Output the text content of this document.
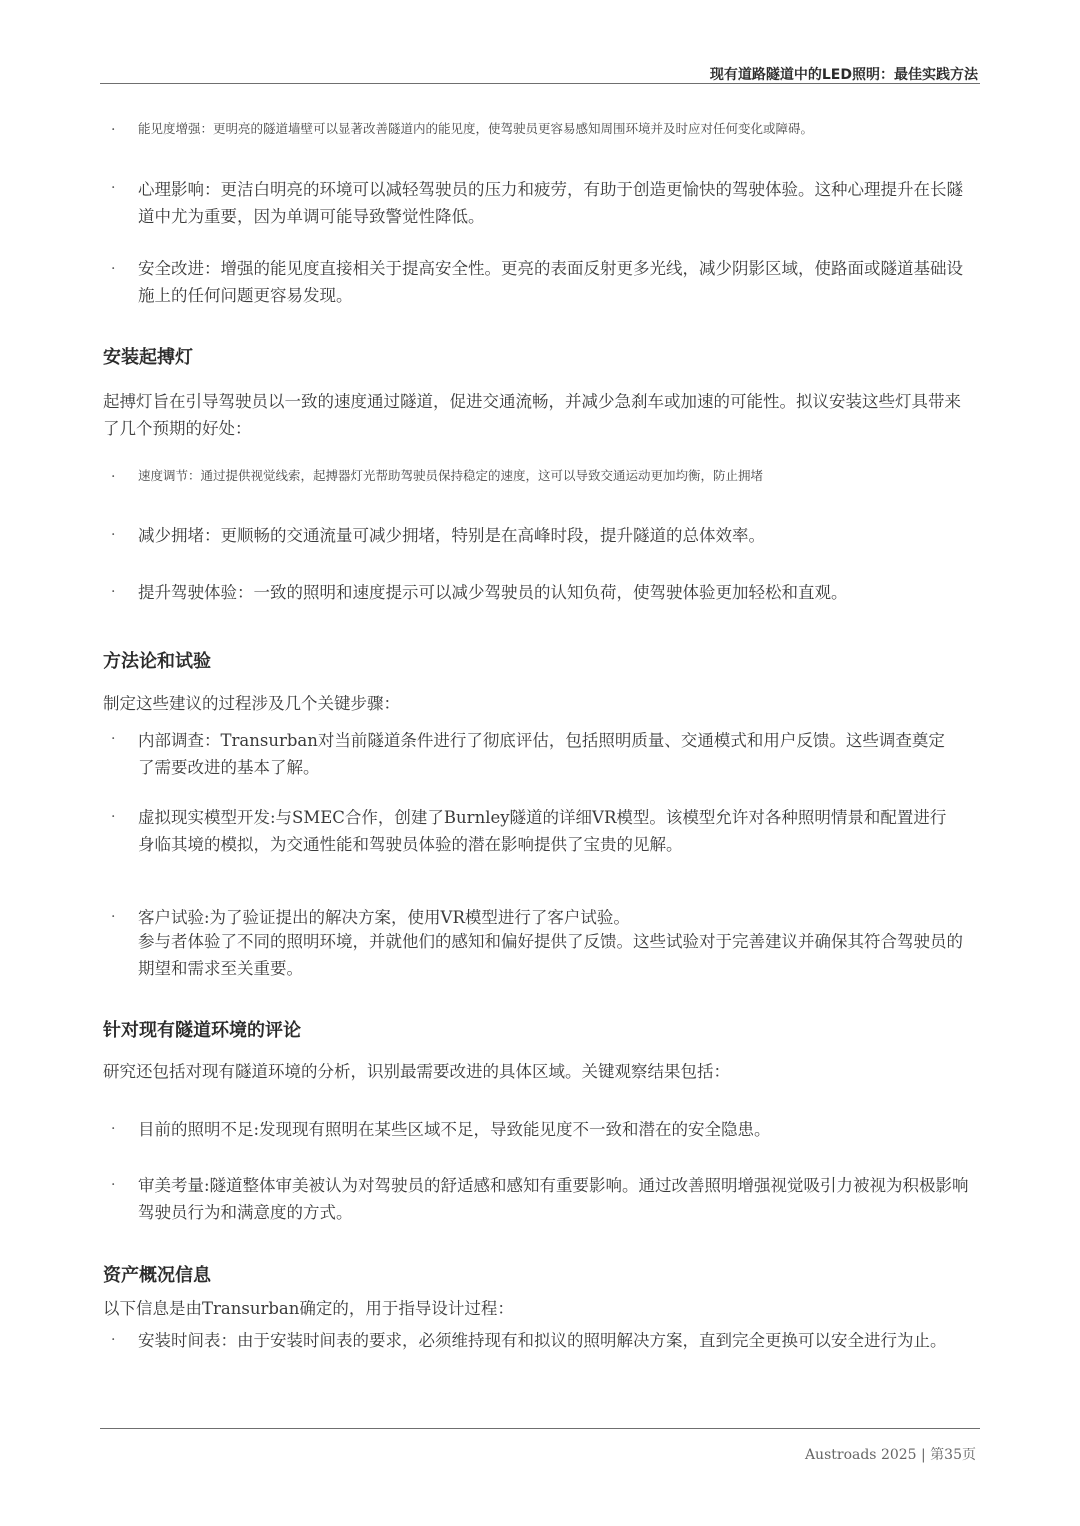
现有道路隧道中的LED照明：最佳实践方法
· 能见度增强：更明亮的隧道墙壁可以显著改善隧道内的能见度，使驾驶员更容易感知周围环境并及时应对任何变化或障碍。
· 心理影响：更洁白明亮的环境可以减轻驾驶员的压力和疲劳，有助于创造更愉快的驾驶体验。这种心理提升在长隧道中尤为重要，因为单调可能导致警觉性降低。
· 安全改进：增强的能见度直接相关于提高安全性。更亮的表面反射更多光线，减少阴影区域，使路面或隧道基础设施上的任何问题更容易发现。
安装起搏灯
起搏灯旨在引导驾驶员以一致的速度通过隧道，促进交通流畅，并减少急刹车或加速的可能性。拟议安装这些灯具带来了几个预期的好处：
· 速度调节：通过提供视觉线索，起搏器灯光帮助驾驶员保持稳定的速度，这可以导致交通运动更加均衡，防止拥堵
· 减少拥堵：更顺畅的交通流量可减少拥堵，特别是在高峰时段，提升隧道的总体效率。
· 提升驾驶体验：一致的照明和速度提示可以减少驾驶员的认知负荷，使驾驶体验更加轻松和直观。
方法论和试验
制定这些建议的过程涉及几个关键步骤：
· 内部调查：Transurban对当前隧道条件进行了彻底评估，包括照明质量、交通模式和用户反馈。这些调查奠定了需要改进的基本了解。
· 虚拟现实模型开发:与SMEC合作，创建了Burnley隧道的详细VR模型。该模型允许对各种照明情景和配置进行身临其境的模拟，为交通性能和驾驶员体验的潜在影响提供了宝贵的见解。
· 客户试验:为了验证提出的解决方案，使用VR模型进行了客户试验。
参与者体验了不同的照明环境，并就他们的感知和偏好提供了反馈。这些试验对于完善建议并确保其符合驾驶员的期望和需求至关重要。
针对现有隧道环境的评论
研究还包括对现有隧道环境的分析，识别最需要改进的具体区域。关键观察结果包括：
· 目前的照明不足:发现现有照明在某些区域不足，导致能见度不一致和潜在的安全隐患。
· 审美考量:隧道整体审美被认为对驾驶员的舒适感和感知有重要影响。通过改善照明增强视觉吸引力被视为积极影响驾驶员行为和满意度的方式。
资产概况信息
以下信息是由Transurban确定的，用于指导设计过程：
· 安装时间表：由于安装时间表的要求，必须维持现有和拟议的照明解决方案，直到完全更换可以安全进行为止。
Austroads 2025 | 第35页
